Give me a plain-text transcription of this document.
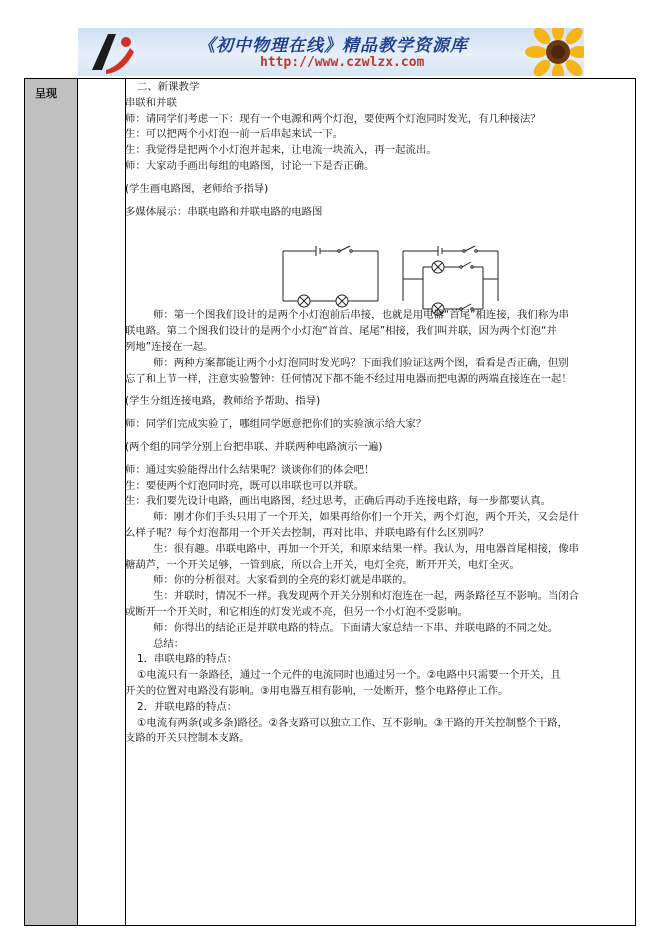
《初中物理在线》精品教学资源库
http://www.czwlzx.com
呈现	二、新课教学

串联和并联

师：请同学们考虑一下：现有一个电源和两个灯泡，要使两个灯泡同时发光，有几种接法？

生：可以把两个小灯泡一前一后串起来试一下。

生：我觉得是把两个小灯泡并起来，让电流一块流入，再一起流出。

师：大家动手画出每组的电路图，讨论一下是否正确。

(学生画电路图，老师给予指导)

多媒体展示：串联电路和并联电路的电路图

师：第一个图我们设计的是两个小灯泡前后串接，也就是用电器“首尾”相连接，我们称为串

联电路。第二个图我们设计的是两个小灯泡“首首、尾尾”相接，我们叫并联，因为两个灯泡“并

列地”连接在一起。

师：两种方案都能让两个小灯泡同时发光吗？下面我们验证这两个图，看看是否正确，但别

忘了和上节一样，注意实验警钟：任何情况下都不能不经过用电器而把电源的两端直接连在一起！

(学生分组连接电路，教师给予帮助、指导)

师：同学们完成实验了，哪组同学愿意把你们的实验演示给大家？

(两个组的同学分别上台把串联、并联两种电路演示一遍)

师：通过实验能得出什么结果呢？谈谈你们的体会吧！

生：要使两个灯泡同时亮，既可以串联也可以并联。

生：我们要先设计电路，画出电路图，经过思考，正确后再动手连接电路，每一步都要认真。

师：刚才你们手头只用了一个开关，如果再给你们一个开关，两个灯泡，两个开关，又会是什

么样子呢？每个灯泡都用一个开关去控制，再对比串、并联电路有什么区别吗？

生：很有趣。串联电路中，再加一个开关，和原来结果一样。我认为，用电器首尾相接，像串

糖葫芦，一个开关足够，一管到底，所以合上开关，电灯全亮，断开开关，电灯全灭。

师：你的分析很对。大家看到的全亮的彩灯就是串联的。

生：并联时，情况不一样。我发现两个开关分别和灯泡连在一起，两条路径互不影响。当闭合

或断开一个开关时，和它相连的灯发光或不亮，但另一个小灯泡不受影响。

师：你得出的结论正是并联电路的特点。下面请大家总结一下串、并联电路的不同之处。

总结：

1．串联电路的特点：

①电流只有一条路径，通过一个元件的电流同时也通过另一个。②电路中只需要一个开关，且

开关的位置对电路没有影响。③用电器互相有影响，一处断开，整个电路停止工作。

2．并联电路的特点：

①电流有两条(或多条)路径。②各支路可以独立工作、互不影响。③干路的开关控制整个干路，

支路的开关只控制本支路。
